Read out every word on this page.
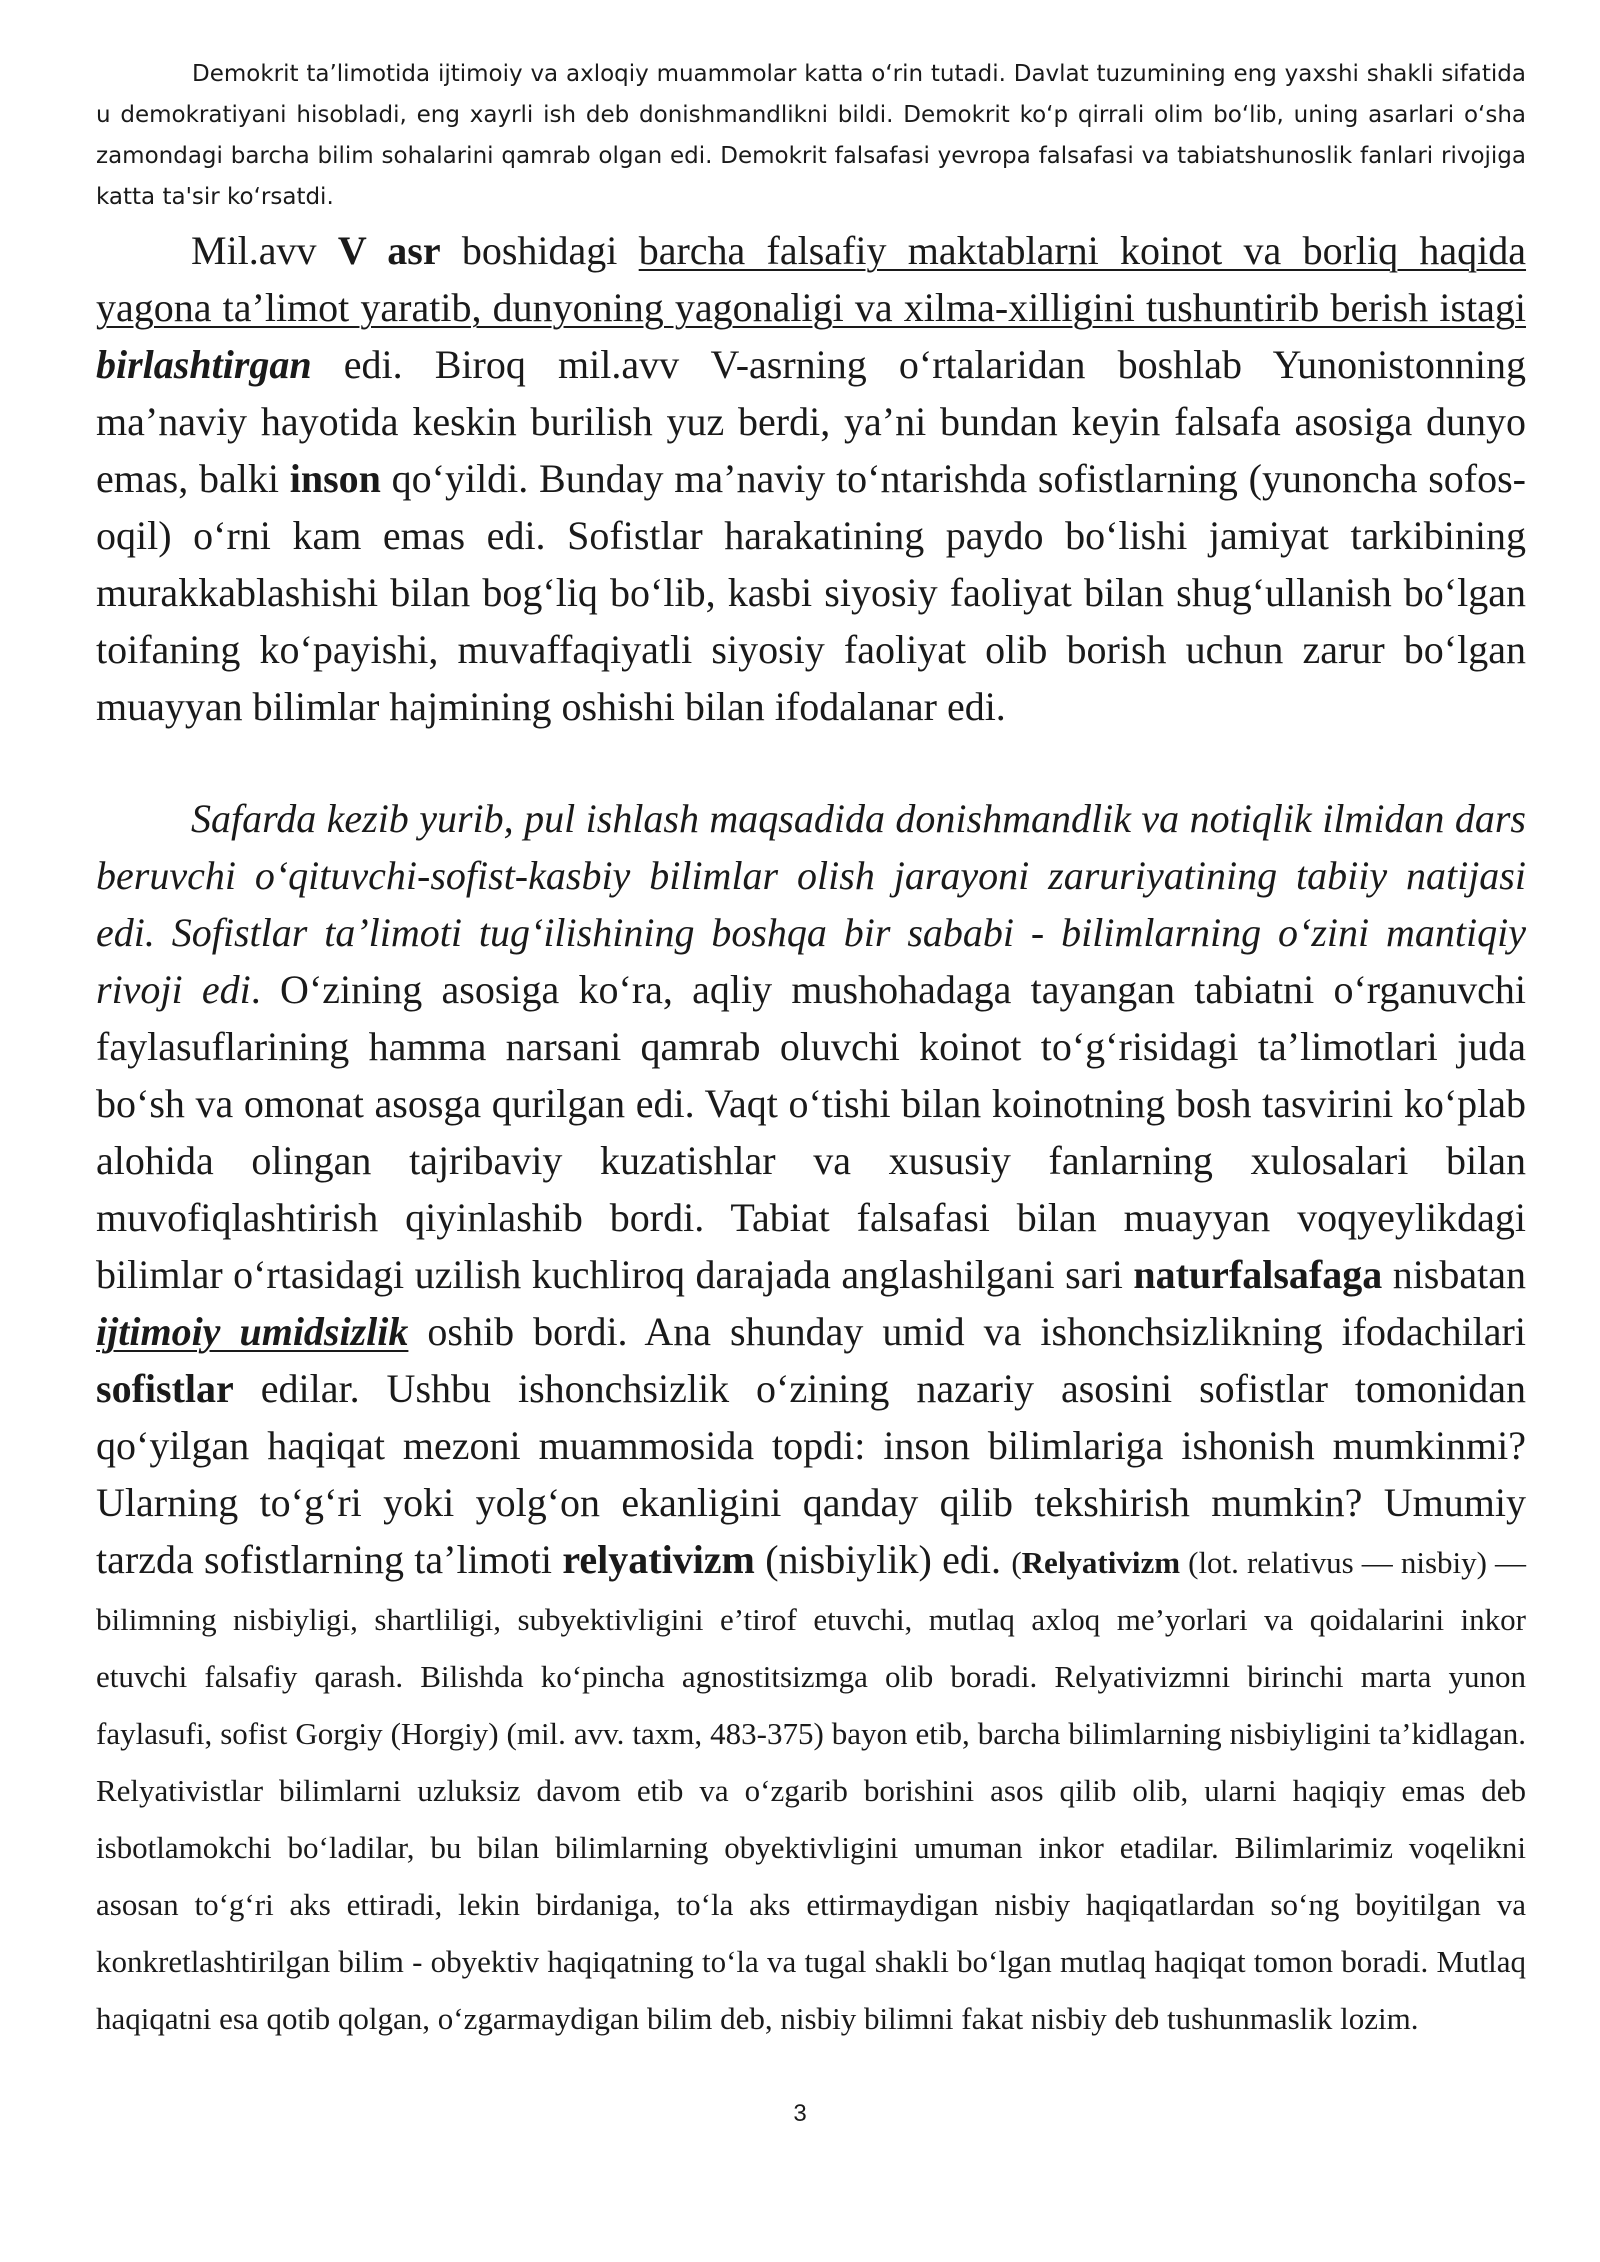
Demokrit ta’limotida ijtimoiy va axloqiy muammolar katta o‘rin tutadi. Davlat tuzumining eng yaxshi shakli sifatida u demokratiyani hisobladi, eng xayrli ish deb donishmandlikni bildi. Demokrit ko‘p qirrali olim bo‘lib, uning asarlari o‘sha zamondagi barcha bilim sohalarini qamrab olgan edi. Demokrit falsafasi yevropa falsafasi va tabiatshunoslik fanlari rivojiga katta ta'sir ko‘rsatdi.

Mil.avv V asr boshidagi barcha falsafiy maktablarni koinot va borliq haqida yagona ta’limot yaratib, dunyoning yagonaligi va xilma-xilligini tushuntirib berish istagi birlashtirgan edi. Biroq mil.avv V-asrning o‘rtalaridan boshlab Yunonistonning ma’naviy hayotida keskin burilish yuz berdi, ya’ni bundan keyin falsafa asosiga dunyo emas, balki inson qo‘yildi. Bunday ma’naviy to‘ntarishda sofistlarning (yunoncha sofos-oqil) o‘rni kam emas edi. Sofistlar harakatining paydo bo‘lishi jamiyat tarkibining murakkablashishi bilan bog‘liq bo‘lib, kasbi siyosiy faoliyat bilan shug‘ullanish bo‘lgan toifaning ko‘payishi, muvaffaqiyatli siyosiy faoliyat olib borish uchun zarur bo‘lgan muayyan bilimlar hajmining oshishi bilan ifodalanar edi.

Safarda kezib yurib, pul ishlash maqsadida donishmandlik va notiqlik ilmidan dars beruvchi o‘qituvchi-sofist-kasbiy bilimlar olish jarayoni zaruriyatining tabiiy natijasi edi. Sofistlar ta’limoti tug‘ilishining boshqa bir sababi - bilimlarning o‘zini mantiqiy rivoji edi. O‘zining asosiga ko‘ra, aqliy mushohadaga tayangan tabiatni o‘rganuvchi faylasuflarining hamma narsani qamrab oluvchi koinot to‘g‘risidagi ta’limotlari juda bo‘sh va omonat asosga qurilgan edi. Vaqt o‘tishi bilan koinotning bosh tasvirini ko‘plab alohida olingan tajribaviy kuzatishlar va xususiy fanlarning xulosalari bilan muvofiqlashtirish qiyinlashib bordi. Tabiat falsafasi bilan muayyan voqyeylikdagi bilimlar o‘rtasidagi uzilish kuchliroq darajada anglashilgani sari naturfalsafaga nisbatan ijtimoiy umidsizlik oshib bordi. Ana shunday umid va ishonchsizlikning ifodachilari sofistlar edilar. Ushbu ishonchsizlik o‘zining nazariy asosini sofistlar tomonidan qo‘yilgan haqiqat mezoni muammosida topdi: inson bilimlariga ishonish mumkinmi? Ularning to‘g‘ri yoki yolg‘on ekanligini qanday qilib tekshirish mumkin? Umumiy tarzda sofistlarning ta’limoti relyativizm (nisbiylik) edi. (Relyativizm (lot. relativus — nisbiy) — bilimning nisbiyligi, shartliligi, subyektivligini e’tirof etuvchi, mutlaq axloq me’yorlari va qoidalarini inkor etuvchi falsafiy qarash. Bilishda ko‘pincha agnostitsizmga olib boradi. Relyativizmni birinchi marta yunon faylasufi, sofist Gorgiy (Horgiy) (mil. avv. taxm, 483-375) bayon etib, barcha bilimlarning nisbiyligini ta’kidlagan. Relyativistlar bilimlarni uzluksiz davom etib va o‘zgarib borishini asos qilib olib, ularni haqiqiy emas deb isbotlamokchi bo‘ladilar, bu bilan bilimlarning obyektivligini umuman inkor etadilar. Bilimlarimiz voqelikni asosan to‘g‘ri aks ettiradi, lekin birdaniga, to‘la aks ettirmaydigan nisbiy haqiqatlardan so‘ng boyitilgan va konkretlashtirilgan bilim - obyektiv haqiqatning to‘la va tugal shakli bo‘lgan mutlaq haqiqat tomon boradi. Mutlaq haqiqatni esa qotib qolgan, o‘zgarmaydigan bilim deb, nisbiy bilimni fakat nisbiy deb tushunmaslik lozim.

3
